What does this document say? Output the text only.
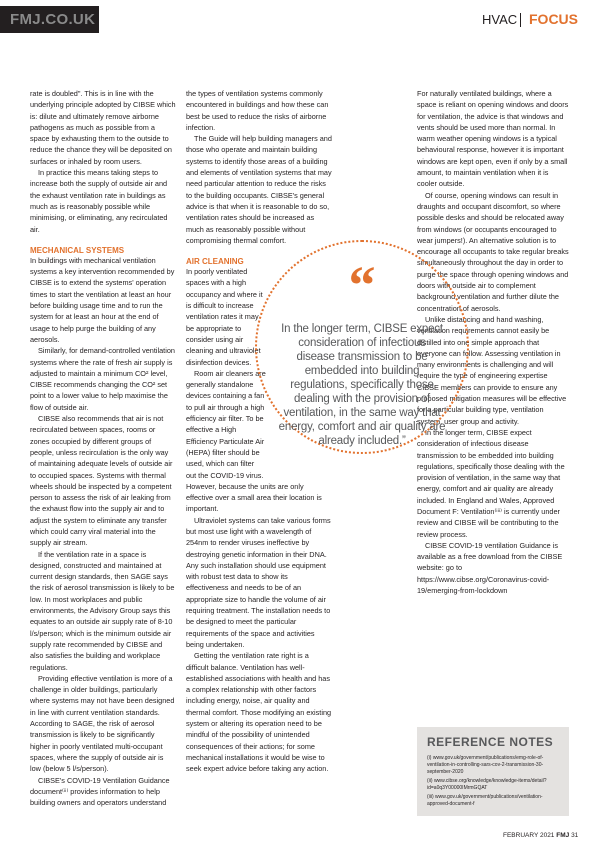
FMJ.CO.UK	HVAC FOCUS

rate is doubled". This is in line with the underlying principle adopted by CIBSE which is: dilute and ultimately remove airborne pathogens as much as possible from a space by exhausting them to the outside to reduce the chance they will be deposited on surfaces or inhaled by room users.

In practice this means taking steps to increase both the supply of outside air and the exhaust ventilation rate in buildings as much as is reasonably possible while minimising, or eliminating, any recirculated air.

MECHANICAL SYSTEMS

In buildings with mechanical ventilation systems a key intervention recommended by CIBSE is to extend the systems' operation times to start the ventilation at least an hour before building usage time and to run the system for at least an hour at the end of usage to help purge the building of any aerosols.

Similarly, for demand-controlled ventilation systems where the rate of fresh air supply is adjusted to maintain a minimum CO² level, CIBSE recommends changing the CO² set point to a lower value to help maximise the flow of outside air.

CIBSE also recommends that air is not recirculated between spaces, rooms or zones occupied by different groups of people, unless recirculation is the only way of maintaining adequate levels of outside air to occupied spaces. Systems with thermal wheels should be inspected by a competent person to assess the risk of air leaking from the exhaust flow into the supply air and to adjust the system to eliminate any transfer which could carry viral material into the supply air stream.

If the ventilation rate in a space is designed, constructed and maintained at current design standards, then SAGE says the risk of aerosol transmission is likely to be low. In most workplaces and public environments, the Advisory Group says this equates to an outside air supply rate of 8-10 l/s/person; which is the minimum outside air supply rate recommended by CIBSE and also satisfies the building and workplace regulations.

Providing effective ventilation is more of a challenge in older buildings, particularly where systems may not have been designed in line with current ventilation standards. According to SAGE, the risk of aerosol transmission is likely to be significantly higher in poorly ventilated multi-occupant spaces, where the supply of outside air is low (below 5 l/s/person).

CIBSE's COVID-19 Ventilation Guidance document⁽ⁱⁱ⁾ provides information to help building owners and operators understand

the types of ventilation systems commonly encountered in buildings and how these can best be used to reduce the risks of airborne infection.

The Guide will help building managers and those who operate and maintain building systems to identify those areas of a building and elements of ventilation systems that may need particular attention to reduce the risks to the building occupants. CIBSE's general advice is that when it is reasonable to do so, ventilation rates should be increased as much as reasonably possible without compromising thermal comfort.

AIR CLEANING

In poorly ventilated spaces with a high occupancy and where it is difficult to increase ventilation rates it may be appropriate to consider using air cleaning and ultraviolet disinfection devices.

Room air cleaners are generally standalone devices containing a fan to pull air through a high efficiency air filter. To be effective a High Efficiency Particulate Air (HEPA) filter should be used, which can filter out the COVID-19 virus. However, because the units are only effective over a small area their location is important.

Ultraviolet systems can take various forms but most use light with a wavelength of 254nm to render viruses ineffective by destroying genetic information in their DNA. Any such installation should use equipment with robust test data to show its effectiveness and needs to be of an appropriate size to handle the volume of air requiring treatment. The installation needs to be designed to meet the particular requirements of the space and activities being undertaken.

Getting the ventilation rate right is a difficult balance. Ventilation has well-established associations with health and has a complex relationship with other factors including energy, noise, air quality and thermal comfort. Those modifying an existing system or altering its operation need to be mindful of the possibility of unintended consequences of their actions; for some mechanical installations it would be wise to seek expert advice before taking any action.

For naturally ventilated buildings, where a space is reliant on opening windows and doors for ventilation, the advice is that windows and vents should be used more than normal. In warm weather opening windows is a typical behavioural response, however it is important windows are kept open, even if only by a small amount, to maintain ventilation when it is cooler outside.

Of course, opening windows can result in draughts and occupant discomfort, so where possible desks and should be relocated away from windows (or occupants encouraged to wear jumpers!). An alternative solution is to encourage all occupants to take regular breaks simultaneously throughout the day in order to purge the space through opening windows and doors with outside air to complement background ventilation and further dilute the concentration of aerosols.

Unlike distancing and hand washing, ventilation requirements cannot easily be distilled into one simple approach that everyone can follow. Assessing ventilation in many environments is challenging and will require the type of engineering expertise CIBSE members can provide to ensure any proposed mitigation measures will be effective for a particular building type, ventilation system, user group and activity.

In the longer term, CIBSE expect consideration of infectious disease transmission to be embedded into building regulations, specifically those dealing with the provision of ventilation, in the same way that energy, comfort and air quality are already included. In England and Wales, Approved Document F: Ventilation⁽ⁱⁱⁱ⁾ is currently under review and CIBSE will be contributing to the review process.

CIBSE COVID-19 ventilation Guidance is available as a free download from the CIBSE website: go to https://www.cibse.org/Coronavirus-covid-19/emerging-from-lockdown

“
In the longer term, CIBSE expect consideration of infectious disease transmission to be embedded into building regulations, specifically those dealing with the provision of ventilation, in the same way that energy, comfort and air quality are already included.”
REFERENCE NOTES

(i) www.gov.uk/government/publications/emg-role-of-ventilation-in-controlling-sars-cov-2-transmission-30-september-2020

(ii) www.cibse.org/knowledge/knowledge-items/detail?id=a0q3Y00000IMrmGQAT

(iii) www.gov.uk/government/publications/ventilation-approved-document-f

FEBRUARY 2021 FMJ 31
